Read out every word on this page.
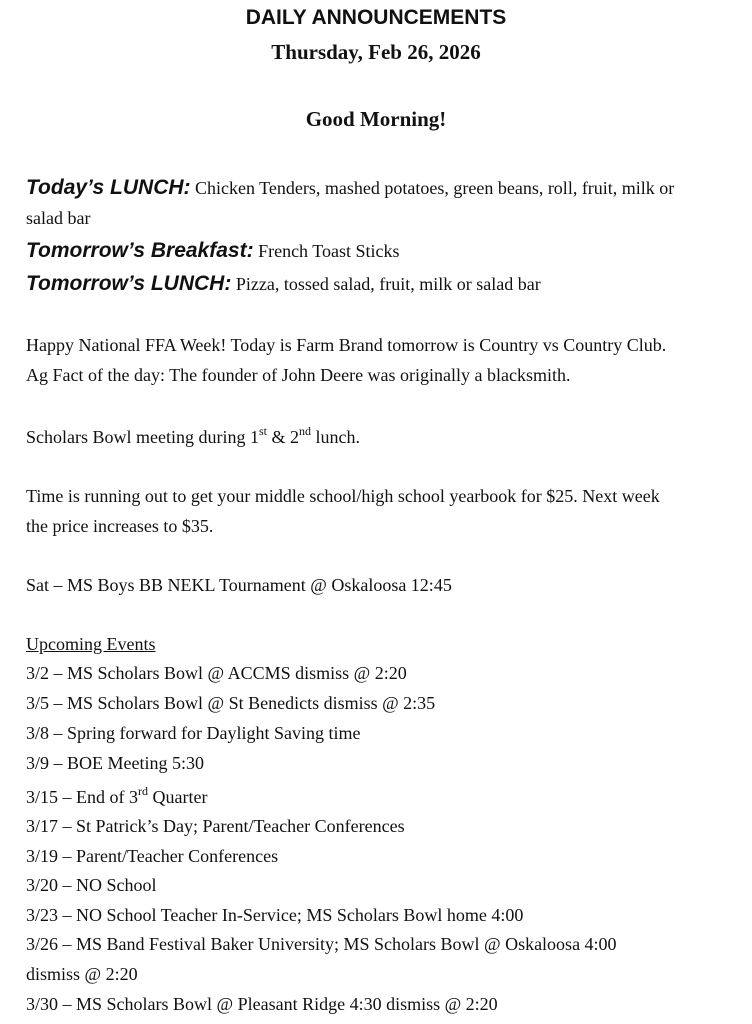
DAILY ANNOUNCEMENTS
Thursday, Feb 26, 2026
Good Morning!
Today’s LUNCH: Chicken Tenders, mashed potatoes, green beans, roll, fruit, milk or
salad bar
Tomorrow’s Breakfast: French Toast Sticks
Tomorrow’s LUNCH: Pizza, tossed salad, fruit, milk or salad bar
Happy National FFA Week! Today is Farm Brand tomorrow is Country vs Country Club.
Ag Fact of the day: The founder of John Deere was originally a blacksmith.
Scholars Bowl meeting during 1st & 2nd lunch.
Time is running out to get your middle school/high school yearbook for $25. Next week
the price increases to $35.
Sat – MS Boys BB NEKL Tournament @ Oskaloosa 12:45
Upcoming Events
3/2 – MS Scholars Bowl @ ACCMS dismiss @ 2:20
3/5 – MS Scholars Bowl @ St Benedicts dismiss @ 2:35
3/8 – Spring forward for Daylight Saving time
3/9 – BOE Meeting 5:30
3/15 – End of 3rd Quarter
3/17 – St Patrick’s Day; Parent/Teacher Conferences
3/19 – Parent/Teacher Conferences
3/20 – NO School
3/23 – NO School Teacher In-Service; MS Scholars Bowl home 4:00
3/26 – MS Band Festival Baker University; MS Scholars Bowl @ Oskaloosa 4:00
dismiss @ 2:20
3/30 – MS Scholars Bowl @ Pleasant Ridge 4:30 dismiss @ 2:20
